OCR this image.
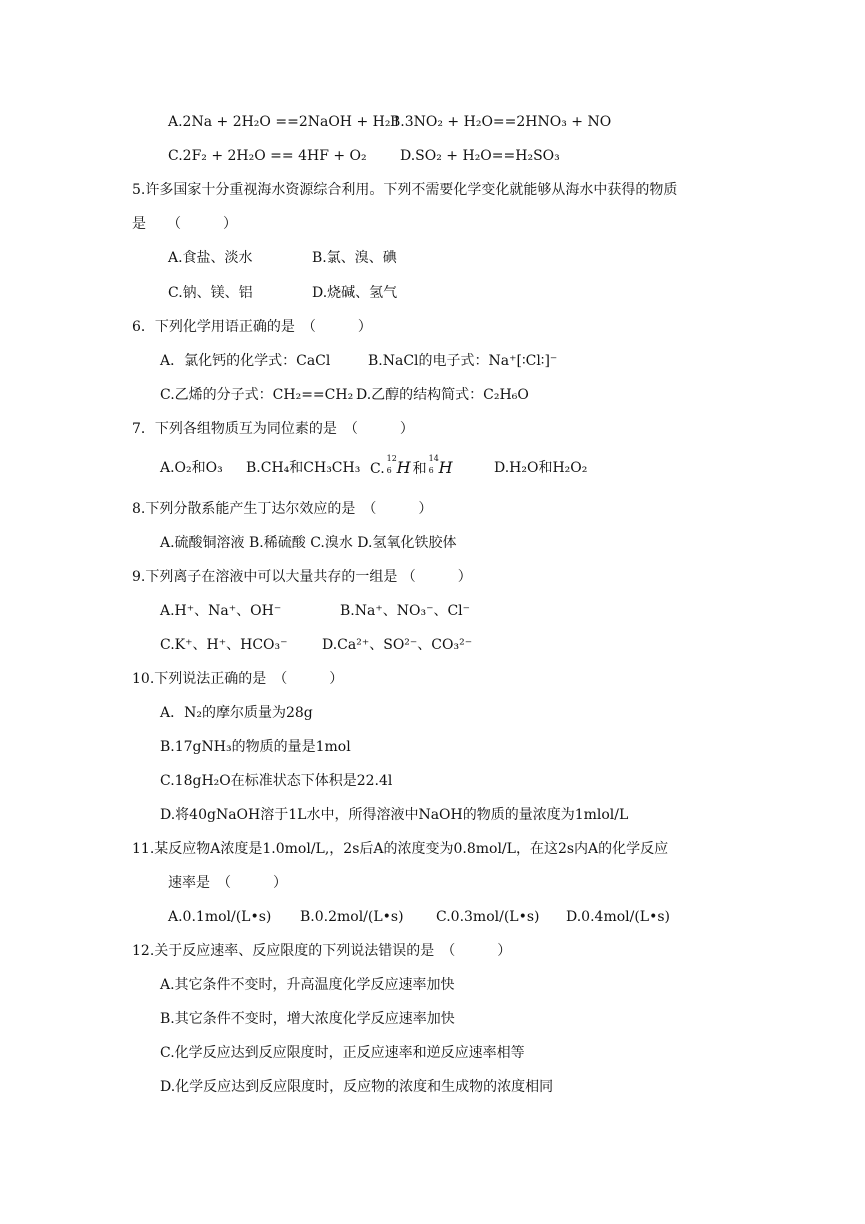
A.2Na + 2H₂O ==2NaOH + H₂↑
B.3NO₂ + H₂O==2HNO₃ + NO
C.2F₂ + 2H₂O == 4HF + O₂ D.SO₂ + H₂O==H₂SO₃
5.许多国家十分重视海水资源综合利用。下列不需要化学变化就能够从海水中获得的物质
是　　（　　　）
A.食盐、淡水	B.氯、溴、碘
C.钠、镁、铝	D.烧碱、氢气
6．下列化学用语正确的是　（　　　）
A．氯化钙的化学式：CaCl	B.NaCl的电子式：Na⁺[∶Cl∶]⁻
C.乙烯的分子式：CH₂==CH₂ D.乙醇的结构简式：C₂H₆O
7．下列各组物质互为同位素的是　（　　　）
A.O₂和O₃ B.CH₄和CH₃CH₃ C.
12
6 H 和
14
6 H	D.H₂O和H₂O₂
8.下列分散系能产生丁达尔效应的是　（　　　）
A.硫酸铜溶液 B.稀硫酸 C.溴水 D.氢氧化铁胶体
9.下列离子在溶液中可以大量共存的一组是 （　　　）
A.H⁺、Na⁺、OH⁻	B.Na⁺、NO₃⁻、Cl⁻
C.K⁺、H⁺、HCO₃⁻ D.Ca²⁺、SO²⁻、CO₃²⁻
10.下列说法正确的是　（　　　）
A．N₂的摩尔质量为28g
B.17gNH₃的物质的量是1mol
C.18gH₂O在标准状态下体积是22.4l
D.将40gNaOH溶于1L水中，所得溶液中NaOH的物质的量浓度为1mlol/L
11.某反应物A浓度是1.0mol/L,，2s后A的浓度变为0.8mol/L，在这2s内A的化学反应
速率是　（　　　）
A.0.1mol/(L•s) B.0.2mol/(L•s) C.0.3mol/(L•s) D.0.4mol/(L•s)
12.关于反应速率、反应限度的下列说法错误的是　（　　　）
A.其它条件不变时，升高温度化学反应速率加快
B.其它条件不变时，增大浓度化学反应速率加快
C.化学反应达到反应限度时，正反应速率和逆反应速率相等
D.化学反应达到反应限度时，反应物的浓度和生成物的浓度相同
